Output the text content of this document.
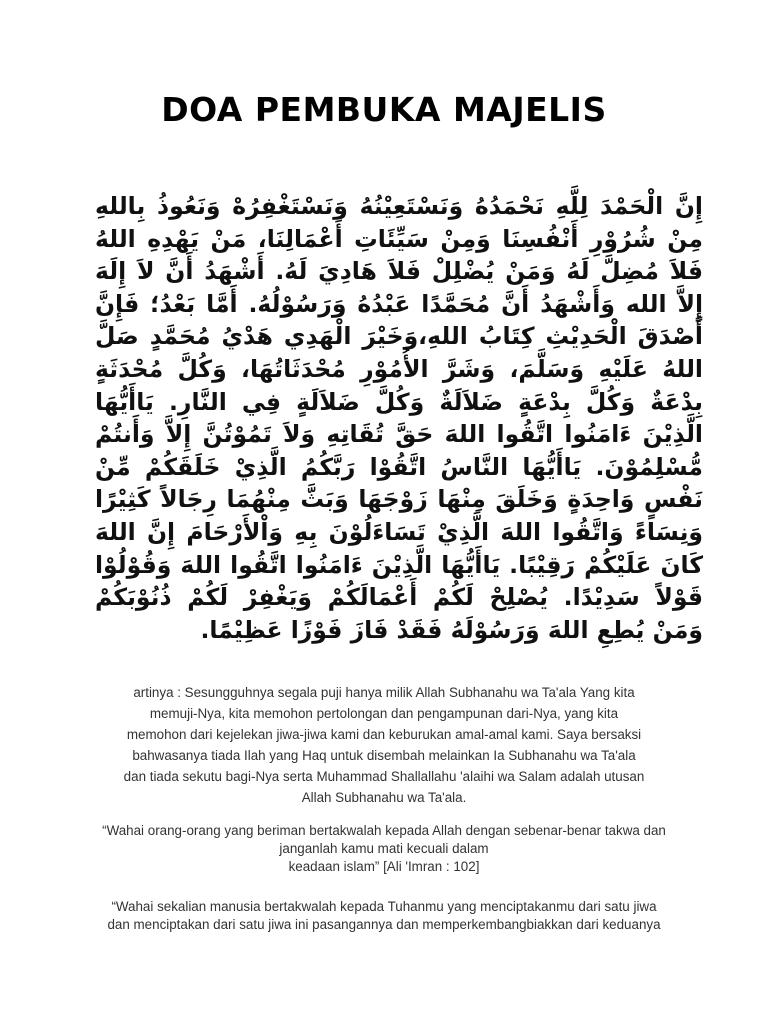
DOA PEMBUKA MAJELIS

إِنَّ الْحَمْدَ لِلَّهِ نَحْمَدُهُ وَنَسْتَعِيْنُهُ وَنَسْتَغْفِرُهْ وَنَعُوذُ بِاللهِ مِنْ شُرُوْرِ أَنْفُسِنَا وَمِنْ سَيِّئَاتِ أَعْمَالِنَا، مَنْ يَهْدِهِ اللهُ فَلاَ مُضِلَّ لَهُ وَمَنْ يُضْلِلْ فَلاَ هَادِيَ لَهُ. أَشْهَدُ أَنَّ لاَ إِلَهَ إِلاَّ الله وَأَشْهَدُ أَنَّ مُحَمَّدًا عَبْدُهُ وَرَسُوْلُهُ. أَمَّا بَعْدُ؛ فَإِنَّ أَصْدَقَ الْحَدِيْثِ كِتَابُ اللهِ،وَخَيْرَ الْهَدِي هَدْيُ مُحَمَّدٍ صَلَّ اللهُ عَلَيْهِ وَسَلَّمَ، وَشَرَّ الأُمُوْرِ مُحْدَثَاتُهَا، وَكُلَّ مُحْدَثَةٍ بِدْعَةٌ وَكُلَّ بِدْعَةٍ ضَلاَلَةٌ وَكُلَّ ضَلاَلَةٍ فِي النَّارِ. يَاأَيُّهَا الَّذِيْنَ ءَامَنُوا اتَّقُوا اللهَ حَقَّ تُقَاتِهِ وَلاَ تَمُوْتُنَّ إِلاَّ وَأَنتُمْ مُّسْلِمُوْنَ. يَاأَيُّهَا النَّاسُ اتَّقُوْا رَبَّكُمُ الَّذِيْ خَلَقَكُمْ مِّنْ نَفْسٍ وَاحِدَةٍ وَخَلَقَ مِنْهَا زَوْجَهَا وَبَثَّ مِنْهُمَا رِجَالاً كَثِيْرًا وَنِسَاءً وَاتَّقُوا اللهَ الَّذِيْ تَسَاءَلُوْنَ بِهِ وَاْلأَرْحَامَ إِنَّ اللهَ كَانَ عَلَيْكُمْ رَقِيْبًا. يَاأَيُّهَا الَّذِيْنَ ءَامَنُوا اتَّقُوا اللهَ وَقُوْلُوْا قَوْلاً سَدِيْدًا. يُصْلِحْ لَكُمْ أَعْمَالَكُمْ وَيَغْفِرْ لَكُمْ ذُنُوْبَكُمْ وَمَنْ يُطِعِ اللهَ وَرَسُوْلَهُ فَقَدْ فَازَ فَوْزًا عَظِيْمًا.

artinya : Sesungguhnya segala puji hanya milik Allah Subhanahu wa Ta'ala Yang kita
memuji-Nya, kita memohon pertolongan dan pengampunan dari-Nya, yang kita
memohon dari kejelekan jiwa-jiwa kami dan keburukan amal-amal kami. Saya bersaksi
bahwasanya tiada Ilah yang Haq untuk disembah melainkan Ia Subhanahu wa Ta'ala
dan tiada sekutu bagi-Nya serta Muhammad Shallallahu 'alaihi wa Salam adalah utusan
Allah Subhanahu wa Ta'ala.

“Wahai orang-orang yang beriman bertakwalah kepada Allah dengan sebenar-benar takwa dan
janganlah kamu mati kecuali dalam
keadaan islam” [Ali 'Imran : 102]

“Wahai sekalian manusia bertakwalah kepada Tuhanmu yang menciptakanmu dari satu jiwa
dan menciptakan dari satu jiwa ini pasangannya dan memperkembangbiakkan dari keduanya
